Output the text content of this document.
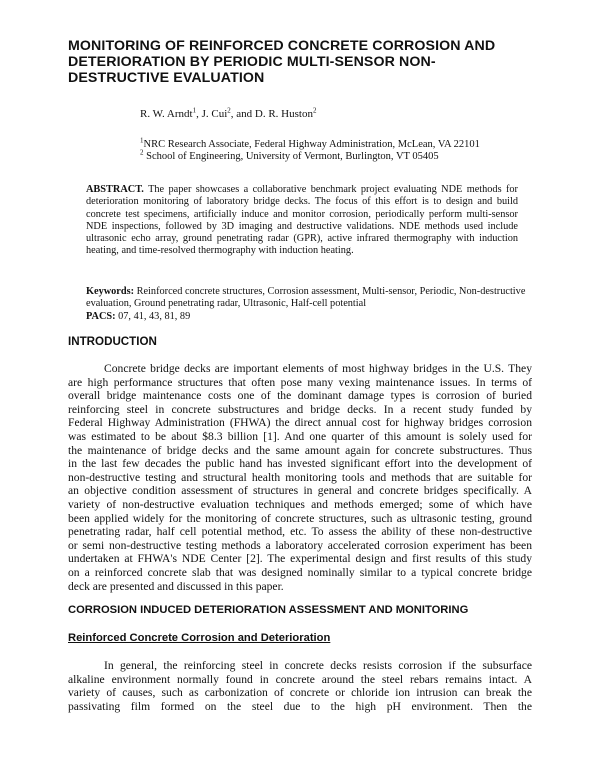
MONITORING OF REINFORCED CONCRETE CORROSION AND
DETERIORATION BY PERIODIC MULTI-SENSOR NON-
DESTRUCTIVE EVALUATION
R. W. Arndt$^1$, J. Cui$^2$, and D. R. Huston$^2$
$^1$NRC Research Associate, Federal Highway Administration, McLean, VA 22101
$^2$ School of Engineering, University of Vermont, Burlington, VT 05405
ABSTRACT. The paper showcases a collaborative benchmark project evaluating NDE methods for
deterioration monitoring of laboratory bridge decks. The focus of this effort is to design and build
concrete test specimens, artificially induce and monitor corrosion, periodically perform multi-sensor
NDE inspections, followed by 3D imaging and destructive validations. NDE methods used include
ultrasonic echo array, ground penetrating radar (GPR), active infrared thermography with induction
heating, and time-resolved thermography with induction heating.
Keywords: Reinforced concrete structures, Corrosion assessment, Multi-sensor, Periodic, Non-destructive
evaluation, Ground penetrating radar, Ultrasonic, Half-cell potential
PACS: 07, 41, 43, 81, 89
INTRODUCTION
Concrete bridge decks are important elements of most highway bridges in the U.S. They
are high performance structures that often pose many vexing maintenance issues. In terms of
overall bridge maintenance costs one of the dominant damage types is corrosion of buried
reinforcing steel in concrete substructures and bridge decks. In a recent study funded by
Federal Highway Administration (FHWA) the direct annual cost for highway bridges corrosion
was estimated to be about $8.3 billion [1]. And one quarter of this amount is solely used for
the maintenance of bridge decks and the same amount again for concrete substructures. Thus
in the last few decades the public hand has invested significant effort into the development of
non-destructive testing and structural health monitoring tools and methods that are suitable for
an objective condition assessment of structures in general and concrete bridges specifically. A
variety of non-destructive evaluation techniques and methods emerged; some of which have
been applied widely for the monitoring of concrete structures, such as ultrasonic testing, ground
penetrating radar, half cell potential method, etc. To assess the ability of these non-destructive
or semi non-destructive testing methods a laboratory accelerated corrosion experiment has been
undertaken at FHWA's NDE Center [2]. The experimental design and first results of this study
on a reinforced concrete slab that was designed nominally similar to a typical concrete bridge
deck are presented and discussed in this paper.
CORROSION INDUCED DETERIORATION ASSESSMENT AND MONITORING
Reinforced Concrete Corrosion and Deterioration
In general, the reinforcing steel in concrete decks resists corrosion if the subsurface
alkaline environment normally found in concrete around the steel rebars remains intact. A
variety of causes, such as carbonization of concrete or chloride ion intrusion can break the
passivating film formed on the steel due to the high pH environment. Then the
